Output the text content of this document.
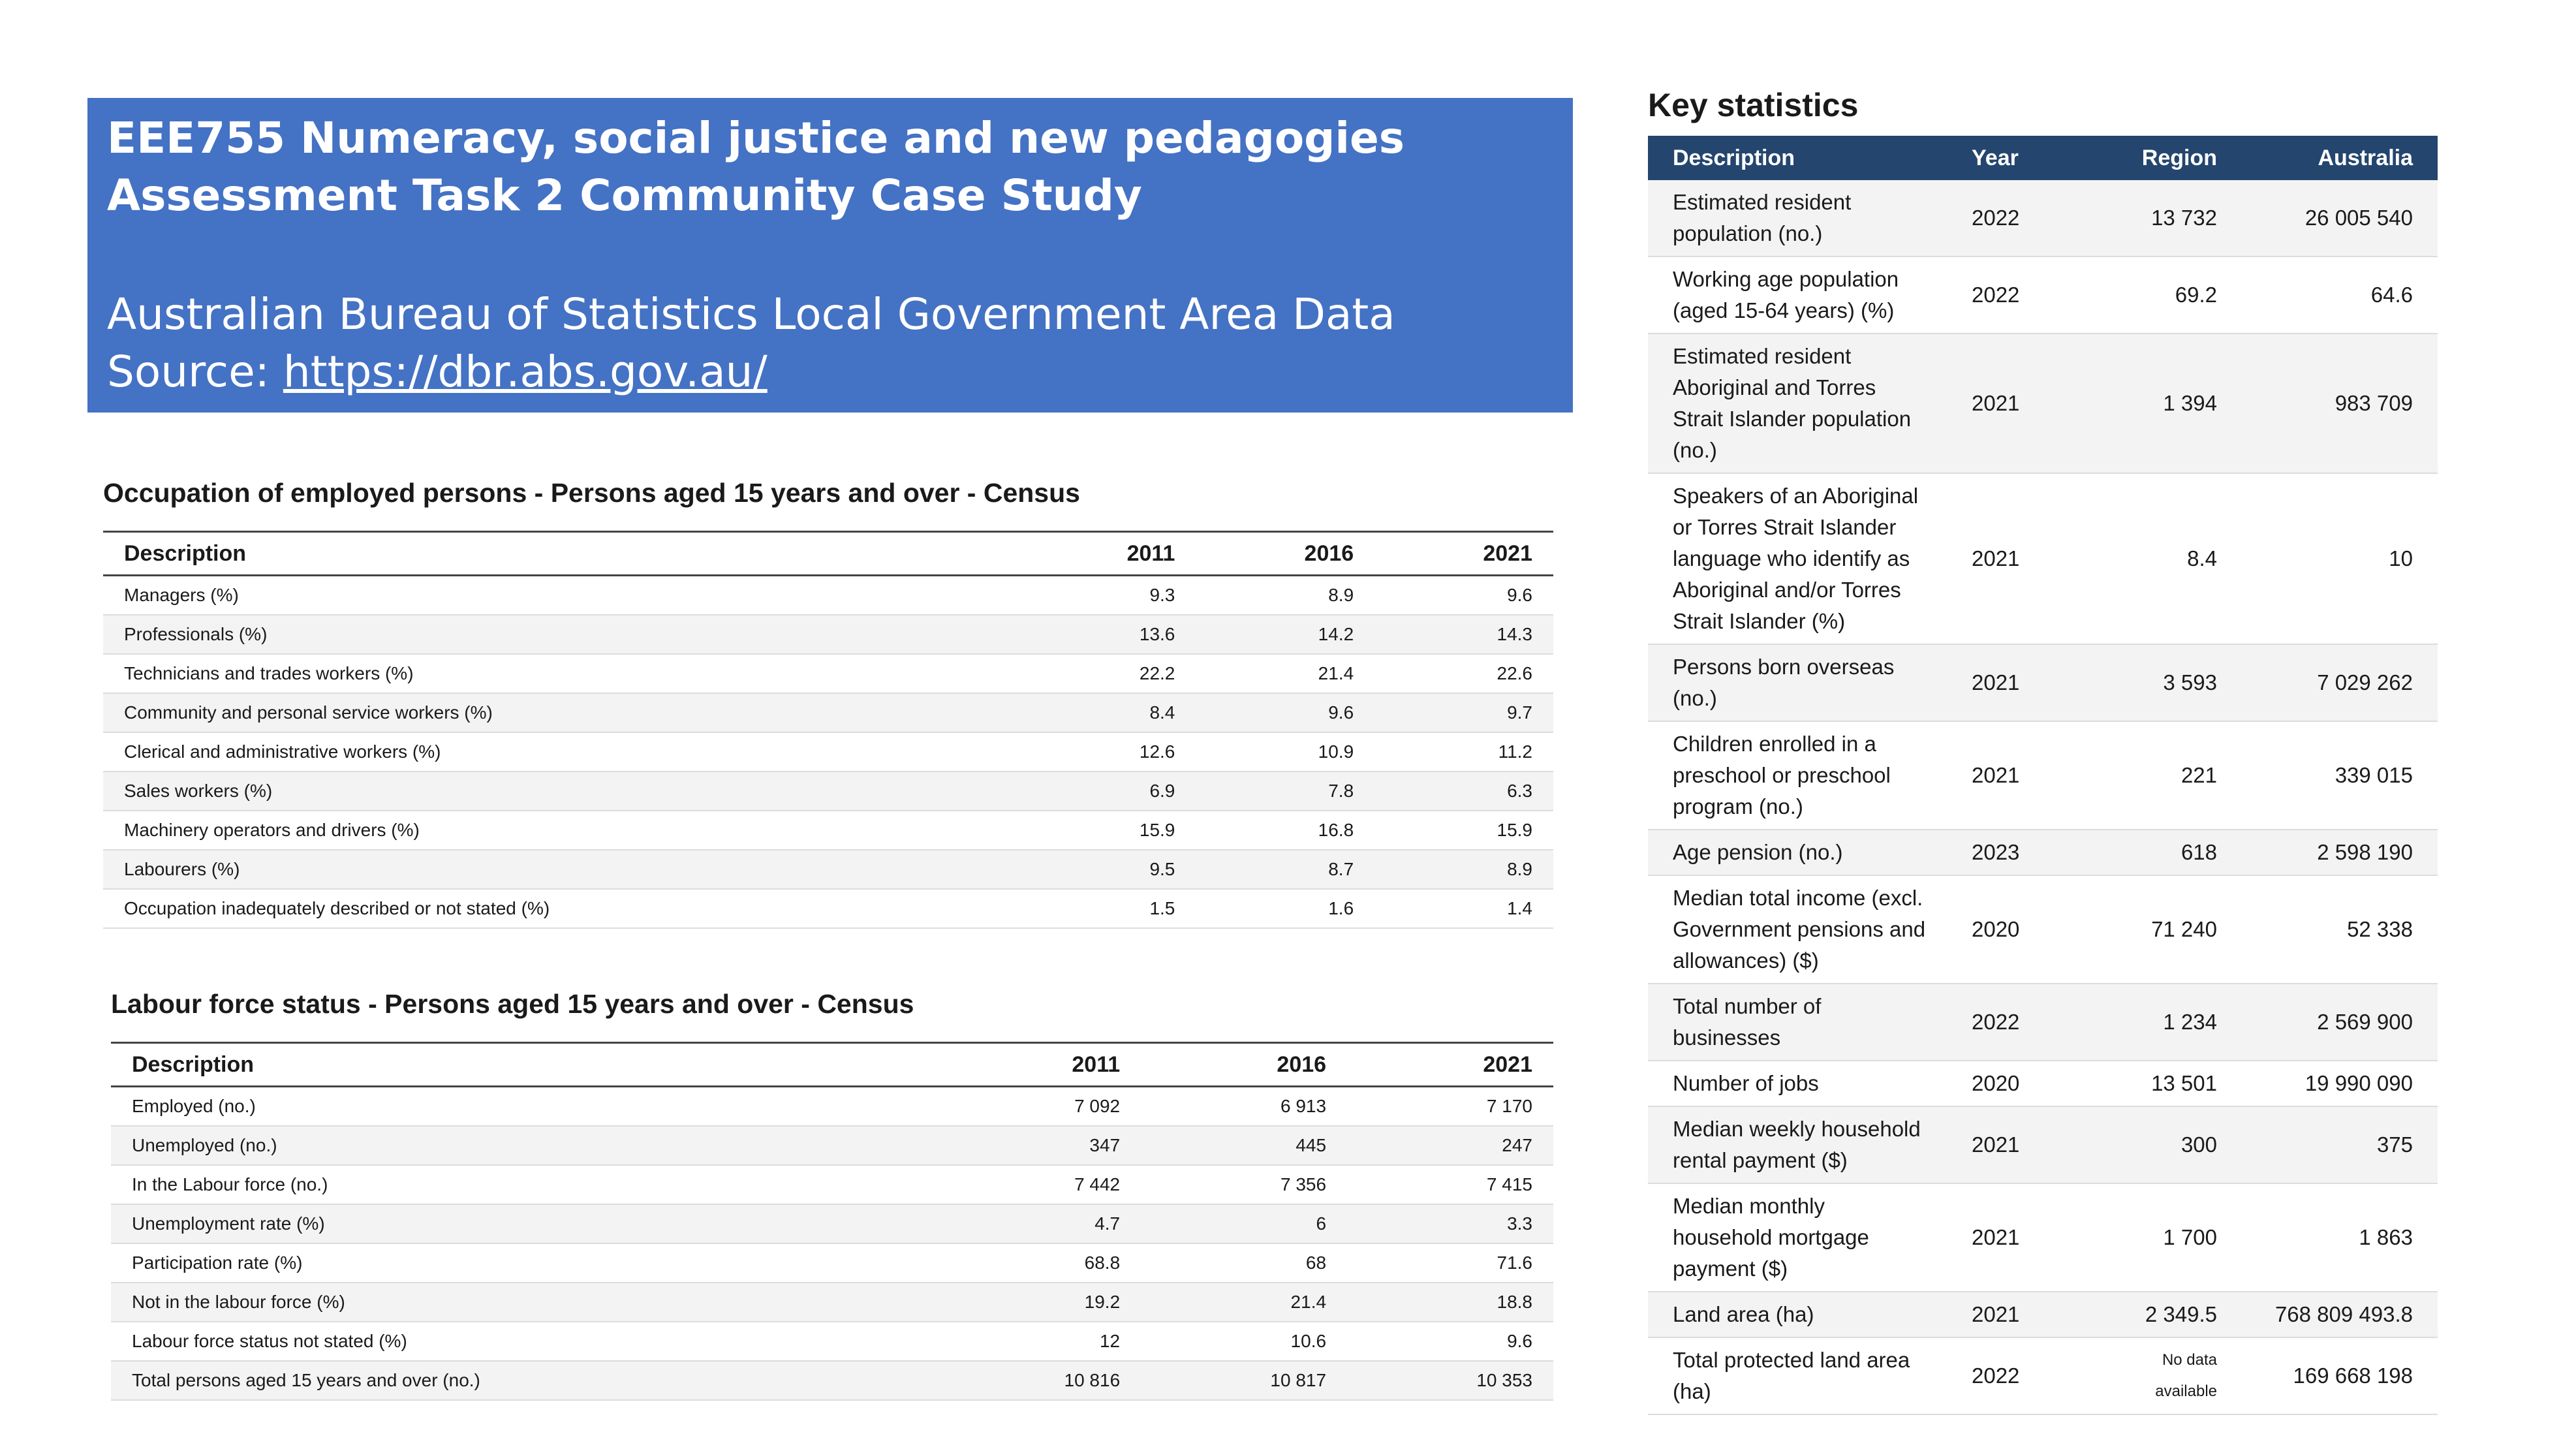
EEE755 Numeracy, social justice and new pedagogies
Assessment Task 2 Community Case Study
Australian Bureau of Statistics Local Government Area Data
Source: https://dbr.abs.gov.au/
Occupation of employed persons - Persons aged 15 years and over - Census
Description	2011	2016	2021
Managers (%)	9.3	8.9	9.6
Professionals (%)	13.6	14.2	14.3
Technicians and trades workers (%)	22.2	21.4	22.6
Community and personal service workers (%)	8.4	9.6	9.7
Clerical and administrative workers (%)	12.6	10.9	11.2
Sales workers (%)	6.9	7.8	6.3
Machinery operators and drivers (%)	15.9	16.8	15.9
Labourers (%)	9.5	8.7	8.9
Occupation inadequately described or not stated (%)	1.5	1.6	1.4
Labour force status - Persons aged 15 years and over - Census
Description	2011	2016	2021
Employed (no.)	7 092	6 913	7 170
Unemployed (no.)	347	445	247
In the Labour force (no.)	7 442	7 356	7 415
Unemployment rate (%)	4.7	6	3.3
Participation rate (%)	68.8	68	71.6
Not in the labour force (%)	19.2	21.4	18.8
Labour force status not stated (%)	12	10.6	9.6
Total persons aged 15 years and over (no.)	10 816	10 817	10 353
Key statistics
Description	Year	Region	Australia
Estimated resident
population (no.)	2022	13 732	26 005 540
Working age population
(aged 15-64 years) (%)	2022	69.2	64.6
Estimated resident
Aboriginal and Torres
Strait Islander population
(no.)	2021	1 394	983 709
Speakers of an Aboriginal
or Torres Strait Islander
language who identify as
Aboriginal and/or Torres
Strait Islander (%)	2021	8.4	10
Persons born overseas
(no.)	2021	3 593	7 029 262
Children enrolled in a
preschool or preschool
program (no.)	2021	221	339 015
Age pension (no.)	2023	618	2 598 190
Median total income (excl.
Government pensions and
allowances) ($)	2020	71 240	52 338
Total number of
businesses	2022	1 234	2 569 900
Number of jobs	2020	13 501	19 990 090
Median weekly household
rental payment ($)	2021	300	375
Median monthly
household mortgage
payment ($)	2021	1 700	1 863
Land area (ha)	2021	2 349.5	768 809 493.8
Total protected land area
(ha)	2022	No data available	169 668 198
